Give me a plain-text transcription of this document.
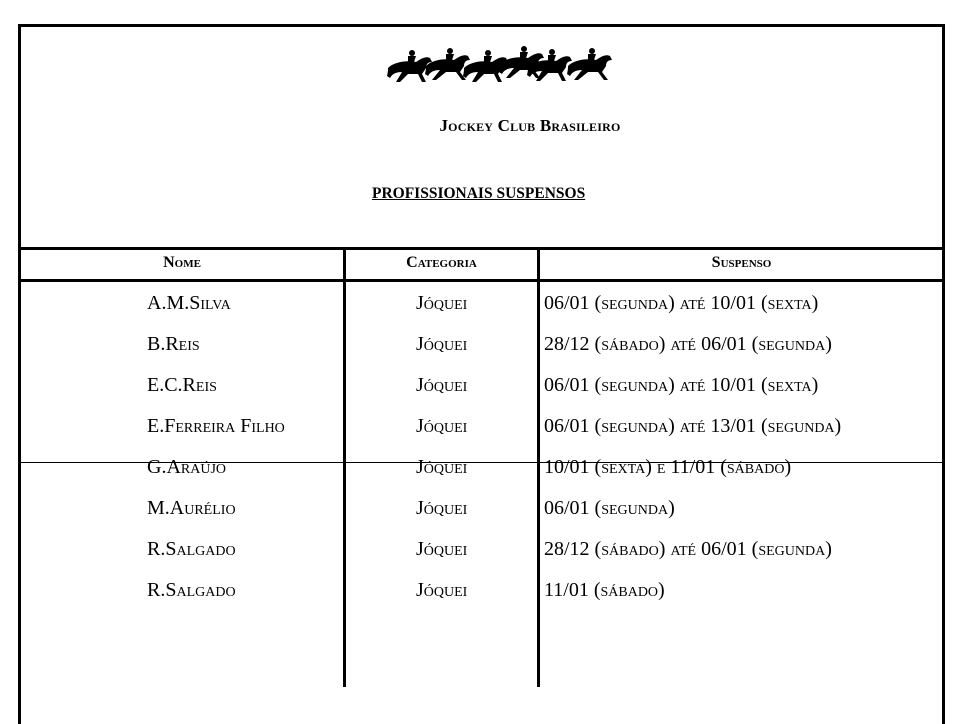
Jockey Club Brasileiro
PROFISSIONAIS SUSPENSOS
Nome	Categoria	Suspenso
A.M.Silva	Jóquei	06/01 (segunda) até 10/01 (sexta)
B.Reis	Jóquei	28/12 (sábado) até 06/01 (segunda)
E.C.Reis	Jóquei	06/01 (segunda) até 10/01 (sexta)
E.Ferreira Filho	Jóquei	06/01 (segunda) até 13/01 (segunda)
G.Araújo	Jóquei	10/01 (sexta) e 11/01 (sábado)
M.Aurélio	Jóquei	06/01 (segunda)
R.Salgado	Jóquei	28/12 (sábado) até 06/01 (segunda)
R.Salgado	Jóquei	11/01 (sábado)
